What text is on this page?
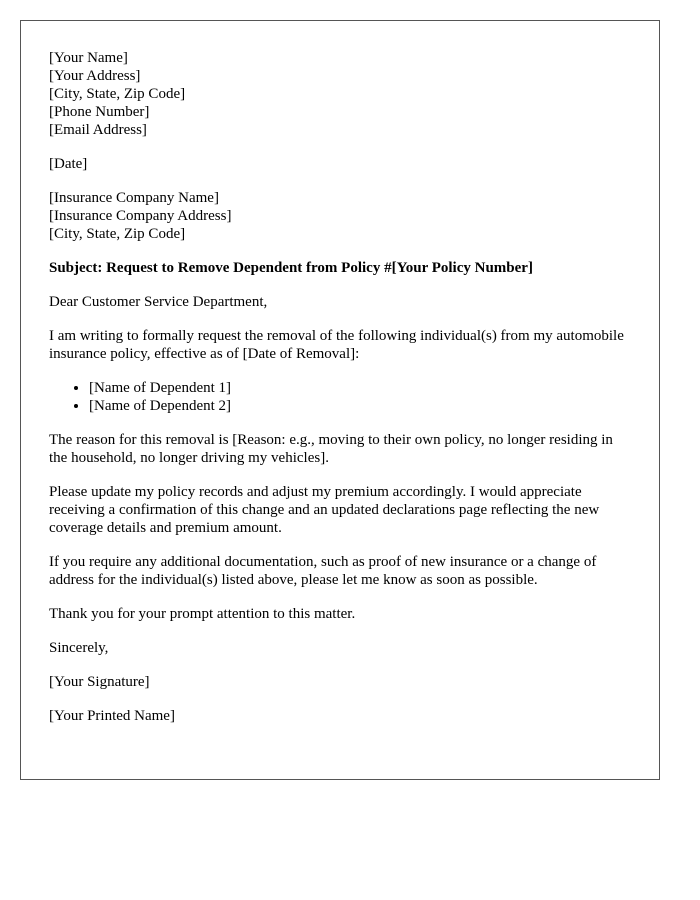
[Your Name]
[Your Address]
[City, State, Zip Code]
[Phone Number]
[Email Address]

[Date]

[Insurance Company Name]
[Insurance Company Address]
[City, State, Zip Code]

Subject: Request to Remove Dependent from Policy #[Your Policy Number]

Dear Customer Service Department,

I am writing to formally request the removal of the following individual(s) from my automobile insurance policy, effective as of [Date of Removal]:

• [Name of Dependent 1]
• [Name of Dependent 2]

The reason for this removal is [Reason: e.g., moving to their own policy, no longer residing in the household, no longer driving my vehicles].

Please update my policy records and adjust my premium accordingly. I would appreciate receiving a confirmation of this change and an updated declarations page reflecting the new coverage details and premium amount.

If you require any additional documentation, such as proof of new insurance or a change of address for the individual(s) listed above, please let me know as soon as possible.

Thank you for your prompt attention to this matter.

Sincerely,

[Your Signature]

[Your Printed Name]
